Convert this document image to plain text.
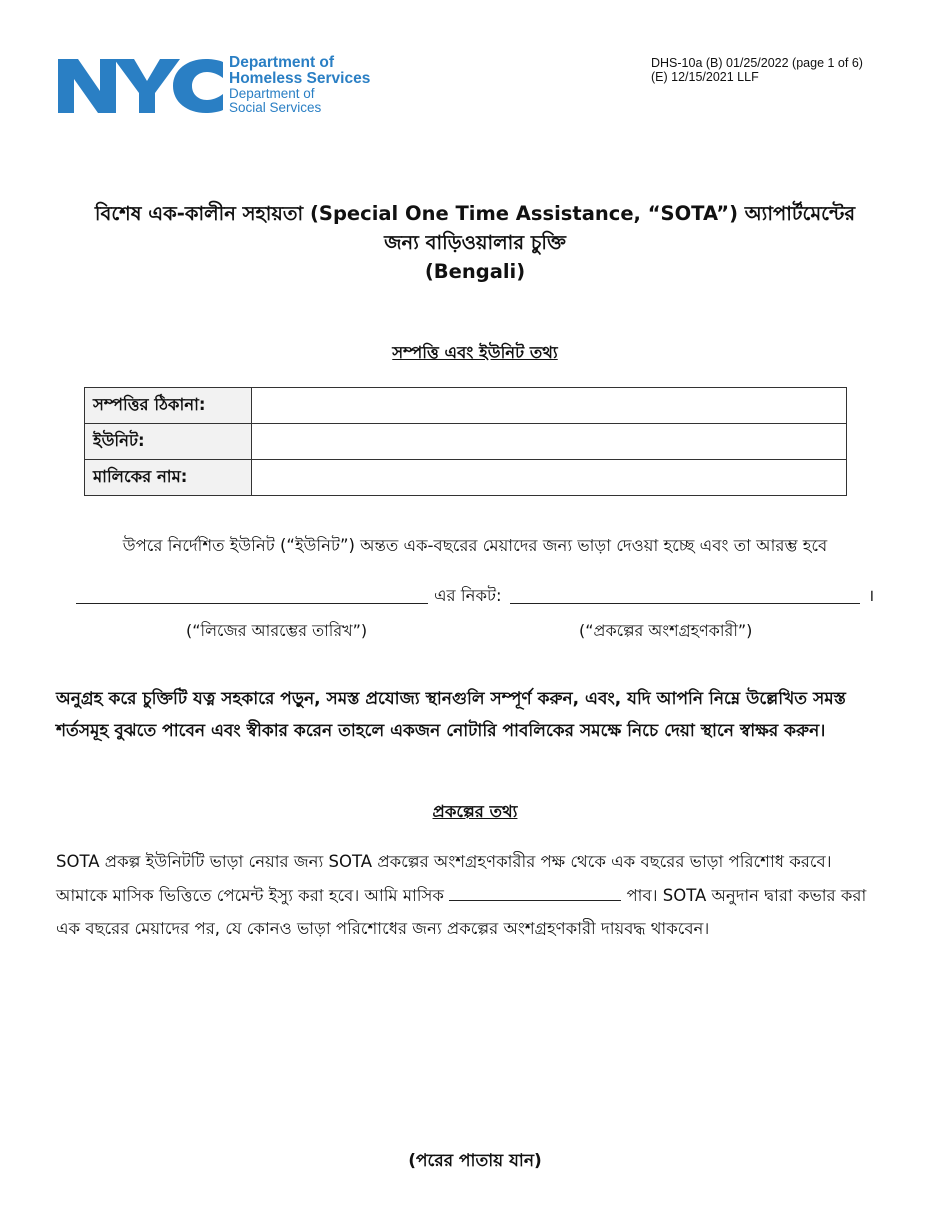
Department of
Homeless Services
Department of
Social Services
DHS-10a (B) 01/25/2022 (page 1 of 6)
(E) 12/15/2021 LLF
বিশেষ এক-কালীন সহায়তা (Special One Time Assistance, “SOTA”) অ্যাপার্টমেন্টের
জন্য বাড়িওয়ালার চুক্তি
(Bengali)
সম্পত্তি এবং ইউনিট তথ্য
সম্পত্তির ঠিকানা:	
ইউনিট:	
মালিকের নাম:	
উপরে নির্দেশিত ইউনিট (“ইউনিট”) অন্তত এক-বছরের মেয়াদের জন্য ভাড়া দেওয়া হচ্ছে এবং তা আরম্ভ হবে
এর নিকট:	।
(“লিজের আরম্ভের তারিখ”)	(“প্রকল্পের অংশগ্রহণকারী”)
অনুগ্রহ করে চুক্তিটি যত্ন সহকারে পড়ুন, সমস্ত প্রযোজ্য স্থানগুলি সম্পূর্ণ করুন, এবং, যদি আপনি নিম্নে উল্লেখিত সমস্ত শর্তসমূহ বুঝতে পাবেন এবং স্বীকার করেন তাহলে একজন নোটারি পাবলিকের সমক্ষে নিচে দেয়া স্থানে স্বাক্ষর করুন।
প্রকল্পের তথ্য
SOTA প্রকল্প ইউনিটটি ভাড়া নেয়ার জন্য SOTA প্রকল্পের অংশগ্রহণকারীর পক্ষ থেকে এক বছরের ভাড়া পরিশোধ করবে। আমাকে মাসিক ভিত্তিতে পেমেন্ট ইস্যু করা হবে। আমি মাসিক	পাব। SOTA অনুদান দ্বারা কভার করা এক বছরের মেয়াদের পর, যে কোনও ভাড়া পরিশোধের জন্য প্রকল্পের অংশগ্রহণকারী দায়বদ্ধ থাকবেন।
(পরের পাতায় যান)
